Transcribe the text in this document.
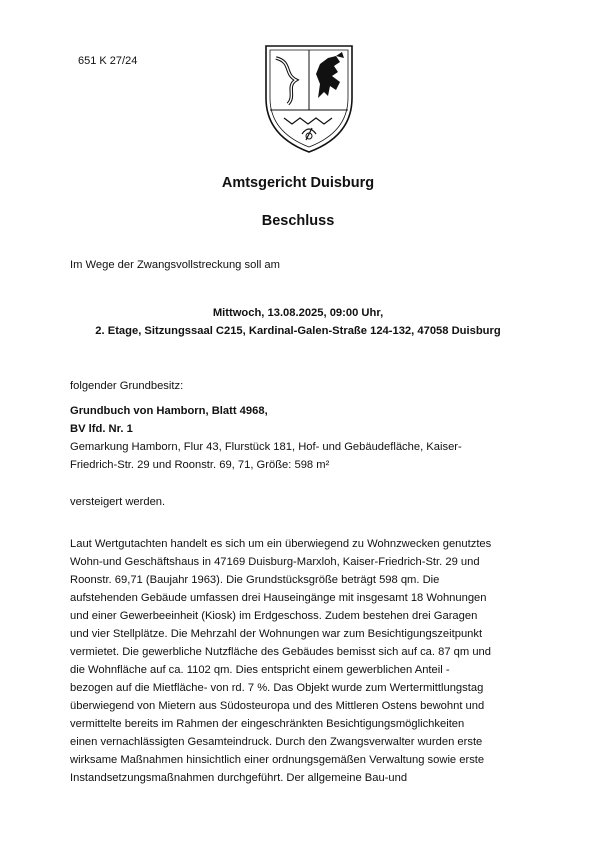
651 K 27/24
Amtsgericht Duisburg
Beschluss
Im Wege der Zwangsvollstreckung soll am
Mittwoch, 13.08.2025, 09:00 Uhr,
2. Etage, Sitzungssaal C215, Kardinal-Galen-Straße 124-132, 47058 Duisburg
folgender Grundbesitz:
Grundbuch von Hamborn, Blatt 4968,
BV lfd. Nr. 1
Gemarkung Hamborn, Flur 43, Flurstück 181, Hof- und Gebäudefläche, Kaiser-
Friedrich-Str. 29 und Roonstr. 69, 71, Größe: 598 m²
versteigert werden.
Laut Wertgutachten handelt es sich um ein überwiegend zu Wohnzwecken genutztes
Wohn-und Geschäftshaus in 47169 Duisburg-Marxloh, Kaiser-Friedrich-Str. 29 und
Roonstr. 69,71 (Baujahr 1963). Die Grundstücksgröße beträgt 598 qm. Die
aufstehenden Gebäude umfassen drei Hauseingänge mit insgesamt 18 Wohnungen
und einer Gewerbeeinheit (Kiosk) im Erdgeschoss. Zudem bestehen drei Garagen
und vier Stellplätze. Die Mehrzahl der Wohnungen war zum Besichtigungszeitpunkt
vermietet. Die gewerbliche Nutzfläche des Gebäudes bemisst sich auf ca. 87 qm und
die Wohnfläche auf ca. 1102 qm. Dies entspricht einem gewerblichen Anteil -
bezogen auf die Mietfläche- von rd. 7 %. Das Objekt wurde zum Wertermittlungstag
überwiegend von Mietern aus Südosteuropa und des Mittleren Ostens bewohnt und
vermittelte bereits im Rahmen der eingeschränkten Besichtigungsmöglichkeiten
einen vernachlässigten Gesamteindruck. Durch den Zwangsverwalter wurden erste
wirksame Maßnahmen hinsichtlich einer ordnungsgemäßen Verwaltung sowie erste
Instandsetzungsmaßnahmen durchgeführt. Der allgemeine Bau-und
